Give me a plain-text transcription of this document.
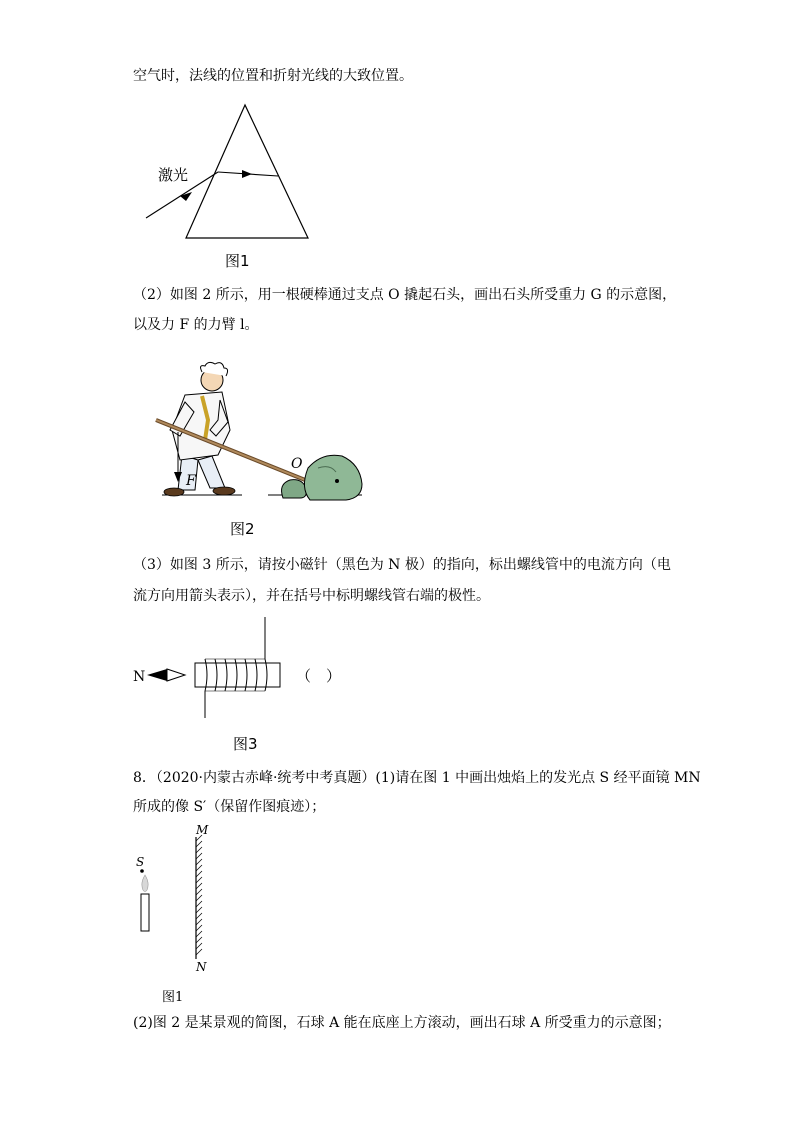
空气时，法线的位置和折射光线的大致位置。
激光
图1
（2）如图 2 所示，用一根硬棒通过支点 O 撬起石头，画出石头所受重力 G 的示意图，
以及力 F 的力臂 l。
O
F
图2
（3）如图 3 所示，请按小磁针（黑色为 N 极）的指向，标出螺线管中的电流方向（电
流方向用箭头表示），并在括号中标明螺线管右端的极性。
N	（　）
图3
8．（2020·内蒙古赤峰·统考中考真题）(1)请在图 1 中画出烛焰上的发光点 S 经平面镜 MN
所成的像 S′（保留作图痕迹）；
S
M
N
图1
(2)图 2 是某景观的简图，石球 A 能在底座上方滚动，画出石球 A 所受重力的示意图；
